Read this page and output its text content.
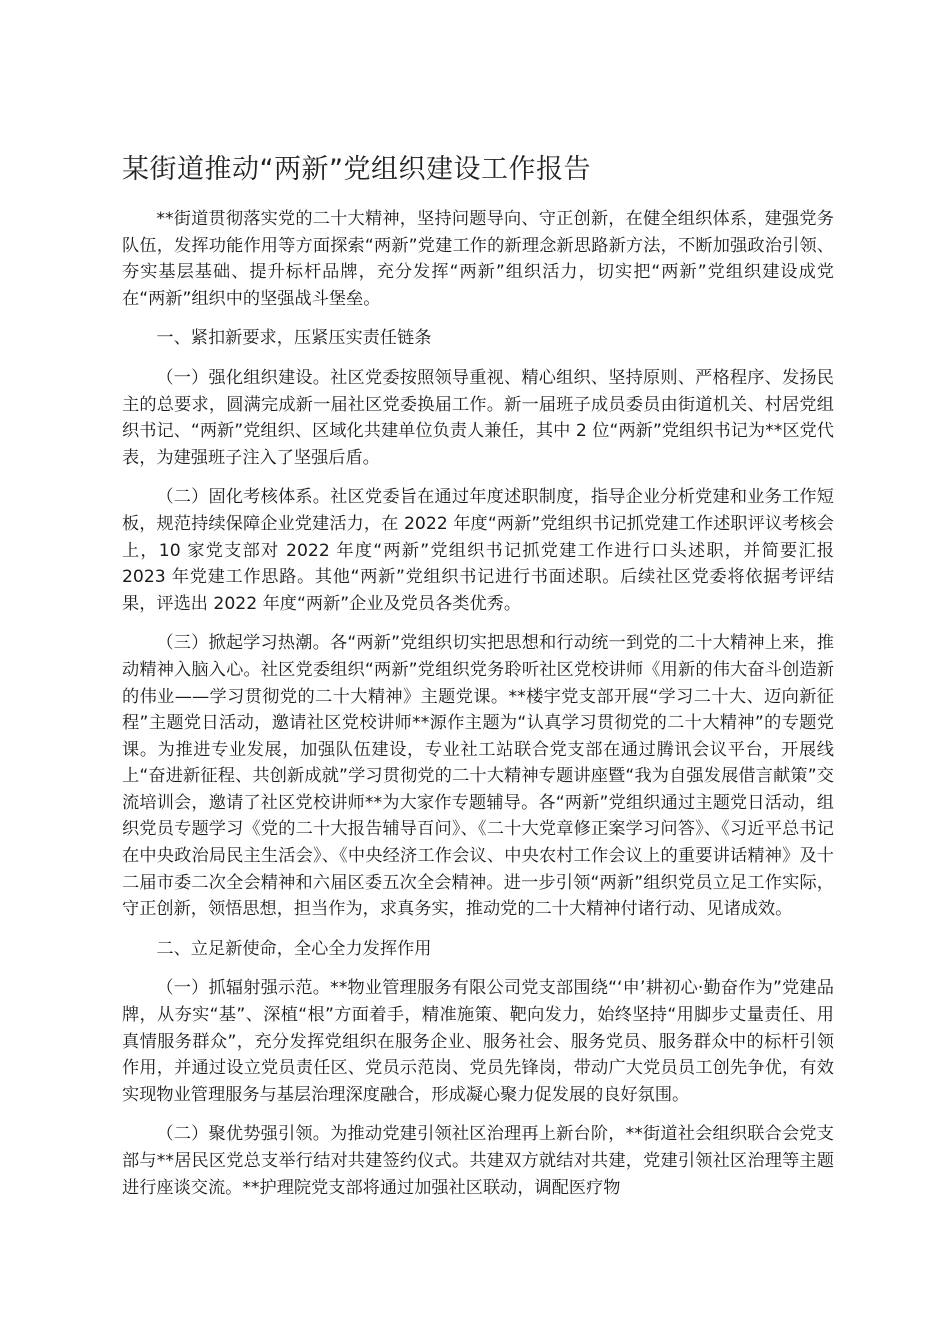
某街道推动“两新”党组织建设工作报告

**街道贯彻落实党的二十大精神，坚持问题导向、守正创新，在健全组织体系，建强党务队伍，发挥功能作用等方面探索“两新”党建工作的新理念新思路新方法，不断加强政治引领、夯实基层基础、提升标杆品牌，充分发挥“两新”组织活力，切实把“两新”党组织建设成党在“两新”组织中的坚强战斗堡垒。

一、紧扣新要求，压紧压实责任链条

（一）强化组织建设。社区党委按照领导重视、精心组织、坚持原则、严格程序、发扬民主的总要求，圆满完成新一届社区党委换届工作。新一届班子成员委员由街道机关、村居党组织书记、“两新”党组织、区域化共建单位负责人兼任，其中 2 位“两新”党组织书记为**区党代表，为建强班子注入了坚强后盾。

（二）固化考核体系。社区党委旨在通过年度述职制度，指导企业分析党建和业务工作短板，规范持续保障企业党建活力，在 2022 年度“两新”党组织书记抓党建工作述职评议考核会上，10 家党支部对 2022 年度“两新”党组织书记抓党建工作进行口头述职，并简要汇报 2023 年党建工作思路。其他“两新”党组织书记进行书面述职。后续社区党委将依据考评结果，评选出 2022 年度“两新”企业及党员各类优秀。

（三）掀起学习热潮。各“两新”党组织切实把思想和行动统一到党的二十大精神上来，推动精神入脑入心。社区党委组织“两新”党组织党务聆听社区党校讲师《用新的伟大奋斗创造新的伟业——学习贯彻党的二十大精神》主题党课。**楼宇党支部开展“学习二十大、迈向新征程”主题党日活动，邀请社区党校讲师**源作主题为“认真学习贯彻党的二十大精神”的专题党课。为推进专业发展，加强队伍建设，专业社工站联合党支部在通过腾讯会议平台，开展线上“奋进新征程、共创新成就”学习贯彻党的二十大精神专题讲座暨“我为自强发展借言献策”交流培训会，邀请了社区党校讲师**为大家作专题辅导。各“两新”党组织通过主题党日活动，组织党员专题学习《党的二十大报告辅导百问》、《二十大党章修正案学习问答》、《习近平总书记在中央政治局民主生活会》、《中央经济工作会议、中央农村工作会议上的重要讲话精神》及十二届市委二次全会精神和六届区委五次全会精神。进一步引领“两新”组织党员立足工作实际，守正创新，领悟思想，担当作为，求真务实，推动党的二十大精神付诸行动、见诸成效。

二、立足新使命，全心全力发挥作用

（一）抓辐射强示范。**物业管理服务有限公司党支部围绕“‘申’耕初心·勤奋作为”党建品牌，从夯实“基”、深植“根”方面着手，精准施策、靶向发力，始终坚持“用脚步丈量责任、用真情服务群众”，充分发挥党组织在服务企业、服务社会、服务党员、服务群众中的标杆引领作用，并通过设立党员责任区、党员示范岗、党员先锋岗，带动广大党员员工创先争优，有效实现物业管理服务与基层治理深度融合，形成凝心聚力促发展的良好氛围。

（二）聚优势强引领。为推动党建引领社区治理再上新台阶，**街道社会组织联合会党支部与**居民区党总支举行结对共建签约仪式。共建双方就结对共建，党建引领社区治理等主题进行座谈交流。**护理院党支部将通过加强社区联动，调配医疗物
